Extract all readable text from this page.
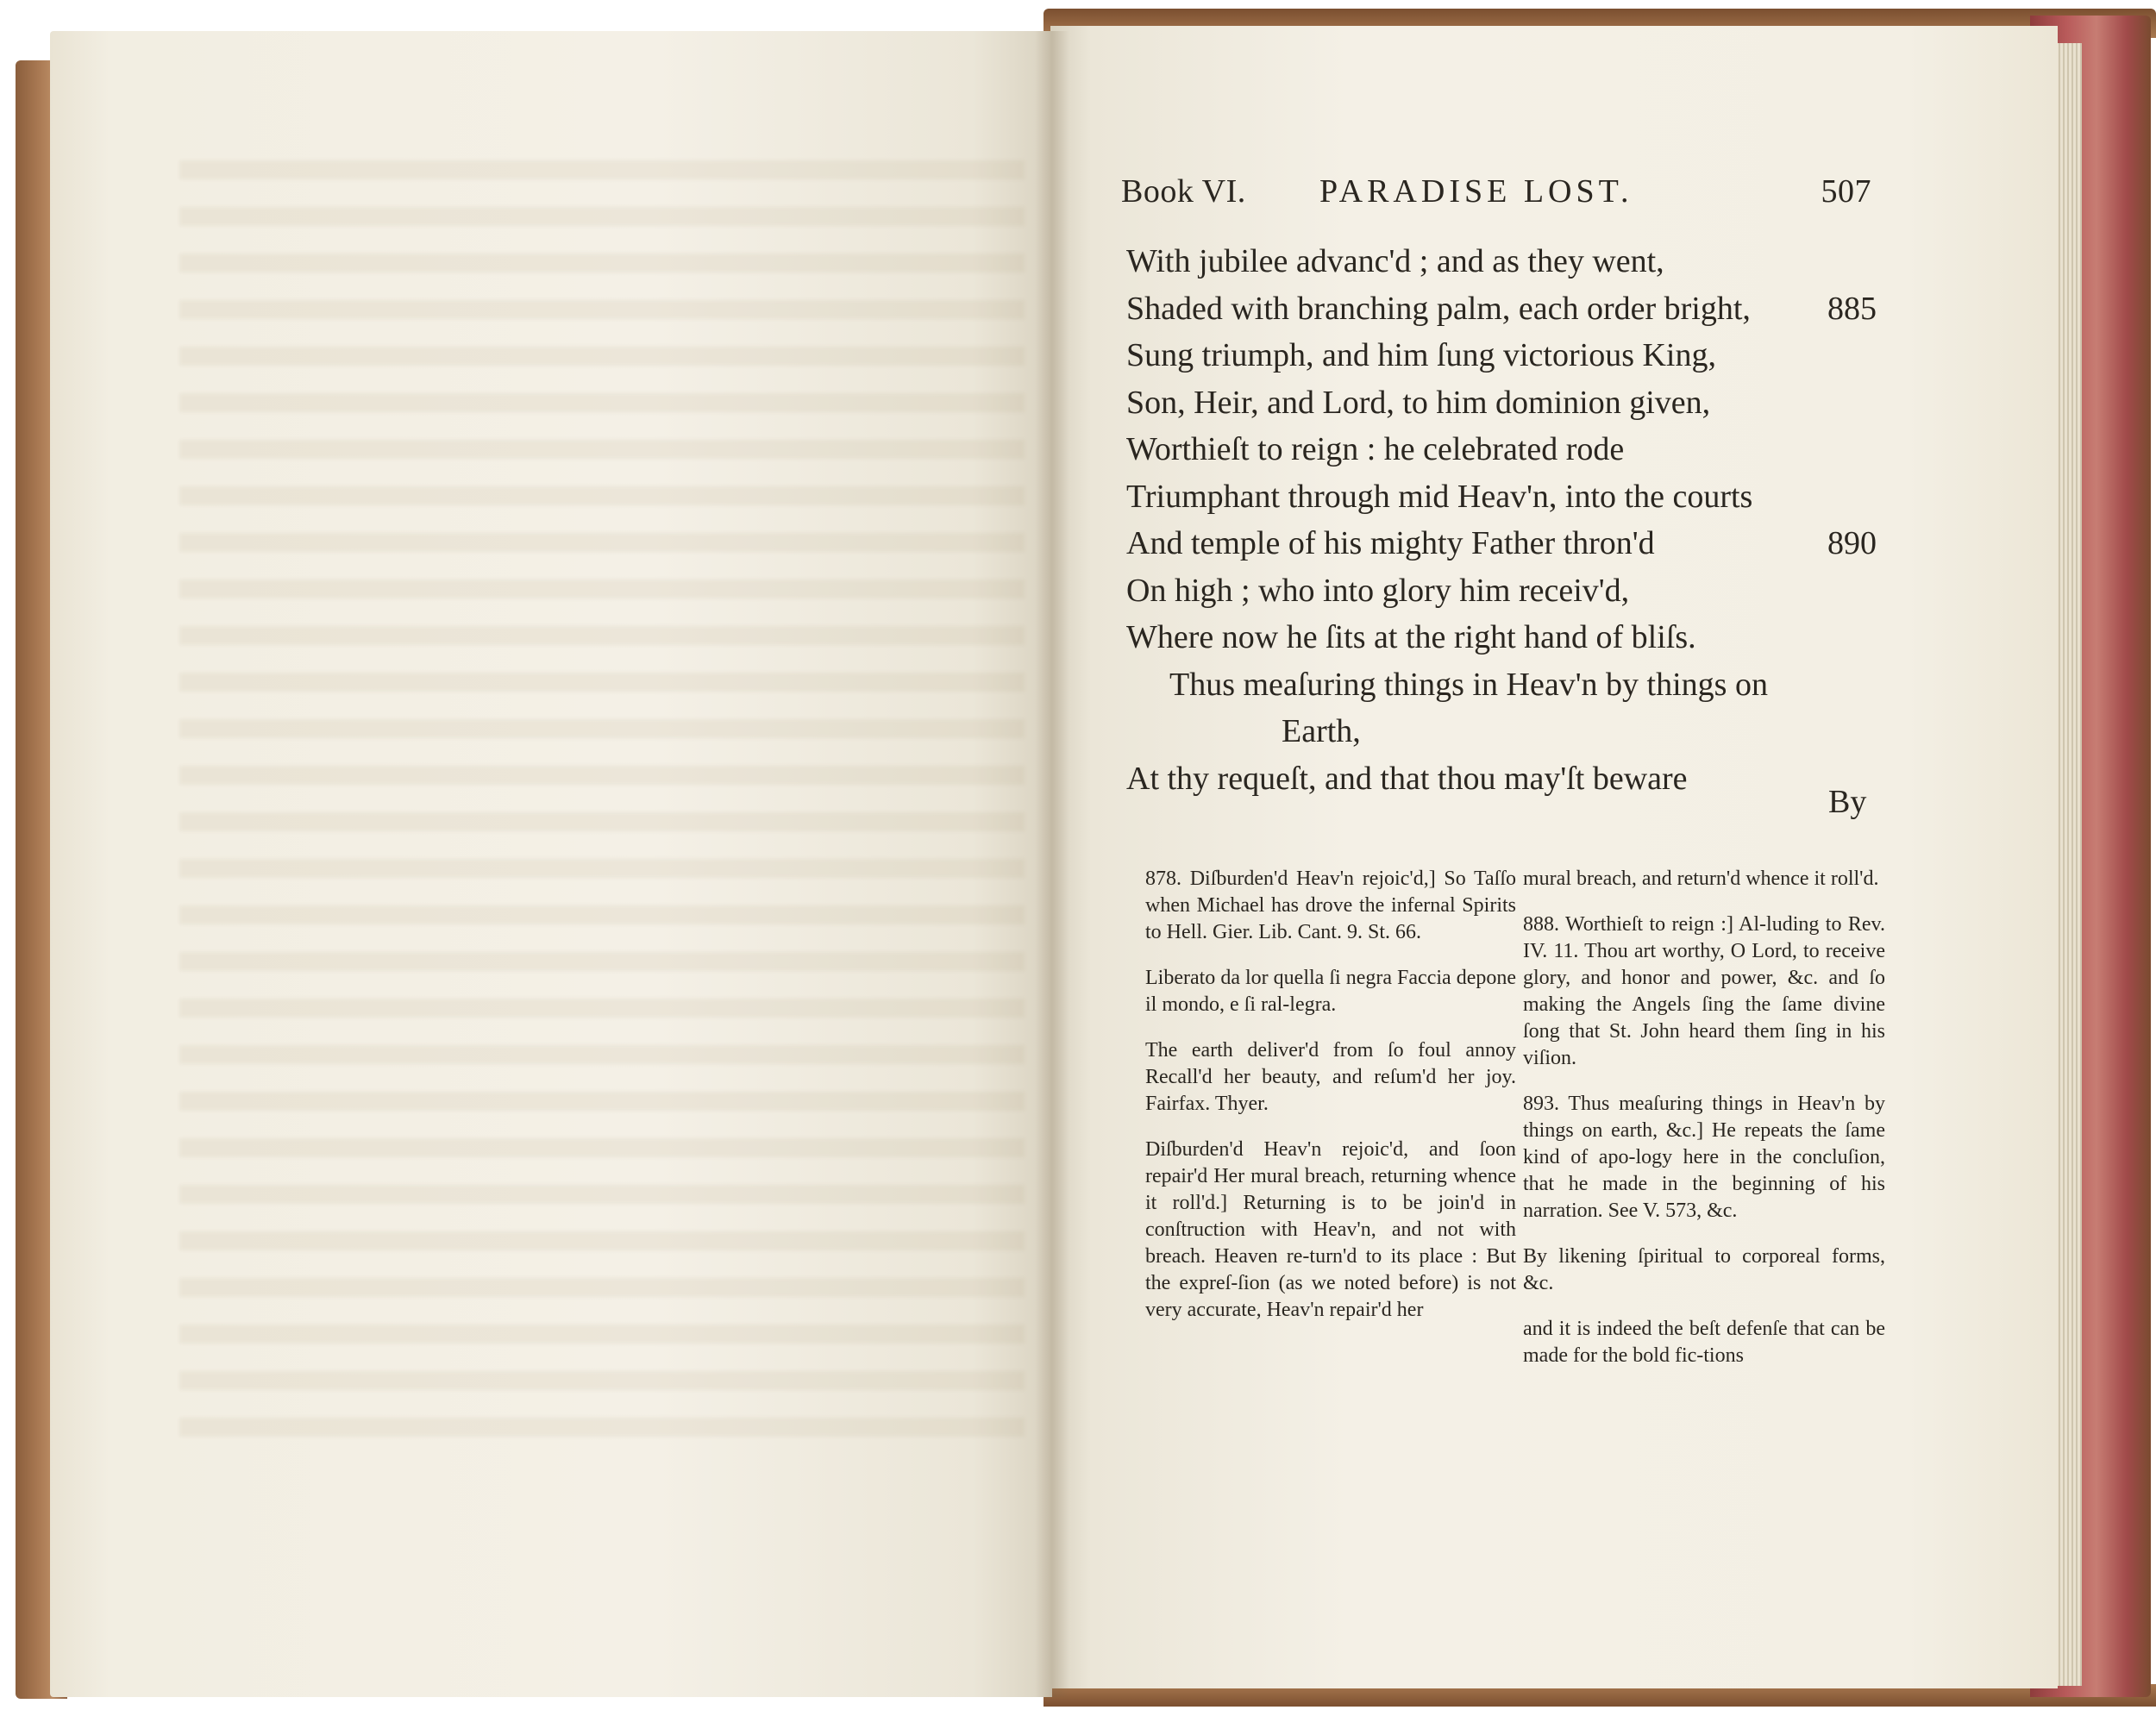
Book VI. PARADISE LOST.	507
With jubilee advanc'd ; and as they went,
Shaded with branching palm, each order bright, 885
Sung triumph, and him ſung victorious King,
Son, Heir, and Lord, to him dominion given,
Worthieſt to reign : he celebrated rode
Triumphant through mid Heav'n, into the courts
And temple of his mighty Father thron'd	890
On high ; who into glory him receiv'd,
Where now he ſits at the right hand of bliſs.
Thus meaſuring things in Heav'n by things on
Earth,
At thy requeſt, and that thou may'ſt beware
By

878. Diſburden'd Heav'n rejoic'd,] So Taſſo when Michael has drove the infernal Spirits to Hell. Gier. Lib. Cant. 9. St. 66.

Liberato da lor quella ſi negra Faccia depone il mondo, e ſi ral-legra.

The earth deliver'd from ſo foul annoy Recall'd her beauty, and reſum'd her joy. Fairfax. Thyer.

Diſburden'd Heav'n rejoic'd, and ſoon repair'd Her mural breach, returning whence it roll'd.] Returning is to be join'd in conſtruction with Heav'n, and not with breach. Heaven re-turn'd to its place : But the expreſ-ſion (as we noted before) is not very accurate, Heav'n repair'd her

mural breach, and return'd whence it roll'd.

888. Worthieſt to reign :] Al-luding to Rev. IV. 11. Thou art worthy, O Lord, to receive glory, and honor and power, &c. and ſo making the Angels ſing the ſame divine ſong that St. John heard them ſing in his viſion.

893. Thus meaſuring things in Heav'n by things on earth, &c.] He repeats the ſame kind of apo-logy here in the concluſion, that he made in the beginning of his narration. See V. 573, &c.

By likening ſpiritual to corporeal forms, &c.

and it is indeed the beſt defenſe that can be made for the bold fic-tions
